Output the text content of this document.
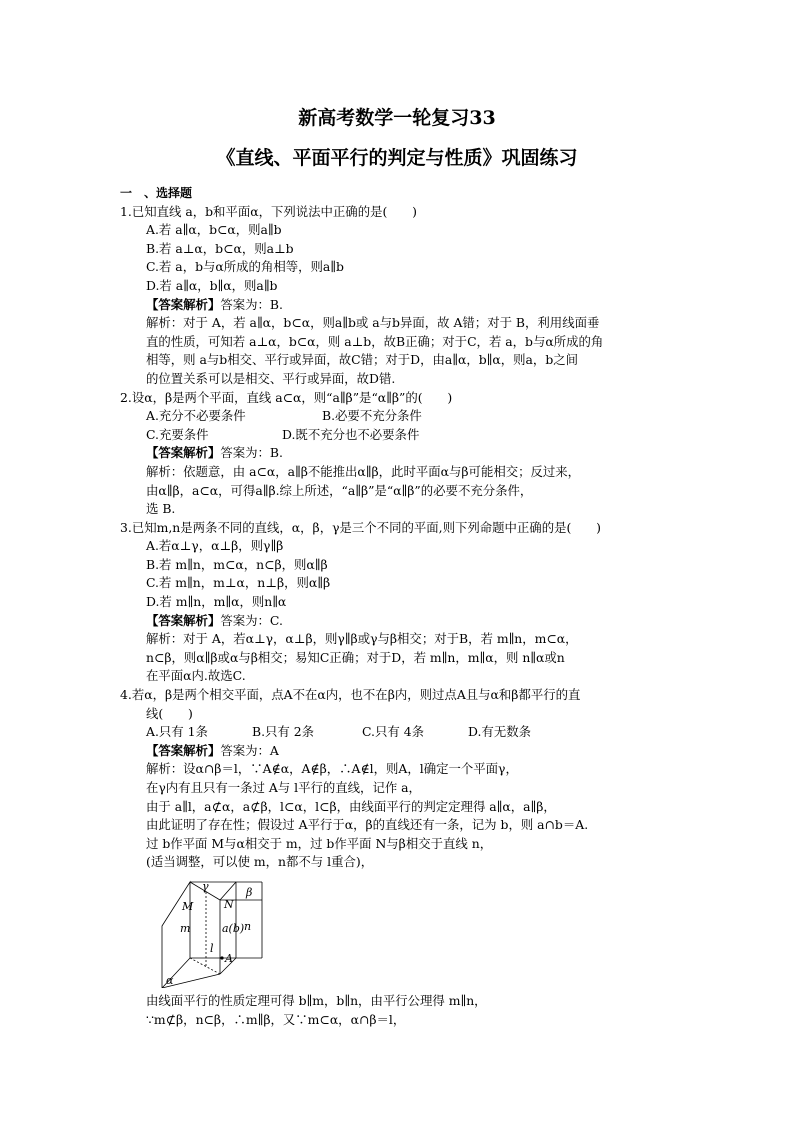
新高考数学一轮复习33
《直线、平面平行的判定与性质》巩固练习
一　、选择题
1.已知直线 a，b和平面α，下列说法中正确的是(　　)
A.若 a∥α，b⊂α，则a∥b
B.若 a⊥α，b⊂α，则a⊥b
C.若 a，b与α所成的角相等，则a∥b
D.若 a∥α，b∥α，则a∥b
【答案解析】答案为：B.
解析：对于 A，若 a∥α，b⊂α，则a∥b或 a与b异面，故 A错；对于 B，利用线面垂
直的性质，可知若 a⊥α，b⊂α，则 a⊥b，故B正确；对于C，若 a，b与α所成的角
相等，则 a与b相交、平行或异面，故C错；对于D，由a∥α，b∥α，则a，b之间
的位置关系可以是相交、平行或异面，故D错.
2.设α，β是两个平面，直线 a⊂α，则“a∥β”是“α∥β”的(　　)
A.充分不必要条件	B.必要不充分条件
C.充要条件	D.既不充分也不必要条件
【答案解析】答案为：B.
解析：依题意，由 a⊂α，a∥β不能推出α∥β，此时平面α与β可能相交；反过来，
由α∥β，a⊂α，可得a∥β.综上所述，“a∥β”是“α∥β”的必要不充分条件，
选 B.
3.已知m,n是两条不同的直线，α，β，γ是三个不同的平面,则下列命题中正确的是(　　)
A.若α⊥γ，α⊥β，则γ∥β
B.若 m∥n，m⊂α，n⊂β，则α∥β
C.若 m∥n，m⊥α，n⊥β，则α∥β
D.若 m∥n，m∥α，则n∥α
【答案解析】答案为：C.
解析：对于 A，若α⊥γ，α⊥β，则γ∥β或γ与β相交；对于B，若 m∥n，m⊂α，
n⊂β，则α∥β或α与β相交；易知C正确；对于D，若 m∥n，m∥α，则 n∥α或n
在平面α内.故选C.
4.若α，β是两个相交平面，点A不在α内，也不在β内，则过点A且与α和β都平行的直
线(　　)
A.只有 1条	B.只有 2条	C.只有 4条	D.有无数条
【答案解析】答案为：A
解析：设α∩β＝l，∵A∉α，A∉β，∴A∉l，则A，l确定一个平面γ，
在γ内有且只有一条过 A与 l平行的直线，记作 a，
由于 a∥l，a⊄α，a⊄β，l⊂α，l⊂β，由线面平行的判定定理得 a∥α，a∥β，
由此证明了存在性；假设过 A平行于α，β的直线还有一条，记为 b，则 a∩b＝A.
过 b作平面 M与α相交于 m，过 b作平面 N与β相交于直线 n，
(适当调整，可以使 m，n都不与 l重合)，
M
γ
N
β
m	a(b) n
l
A
α
由线面平行的性质定理可得 b∥m，b∥n，由平行公理得 m∥n，
∵m⊄β，n⊂β，∴m∥β，又∵m⊂α，α∩β＝l，
